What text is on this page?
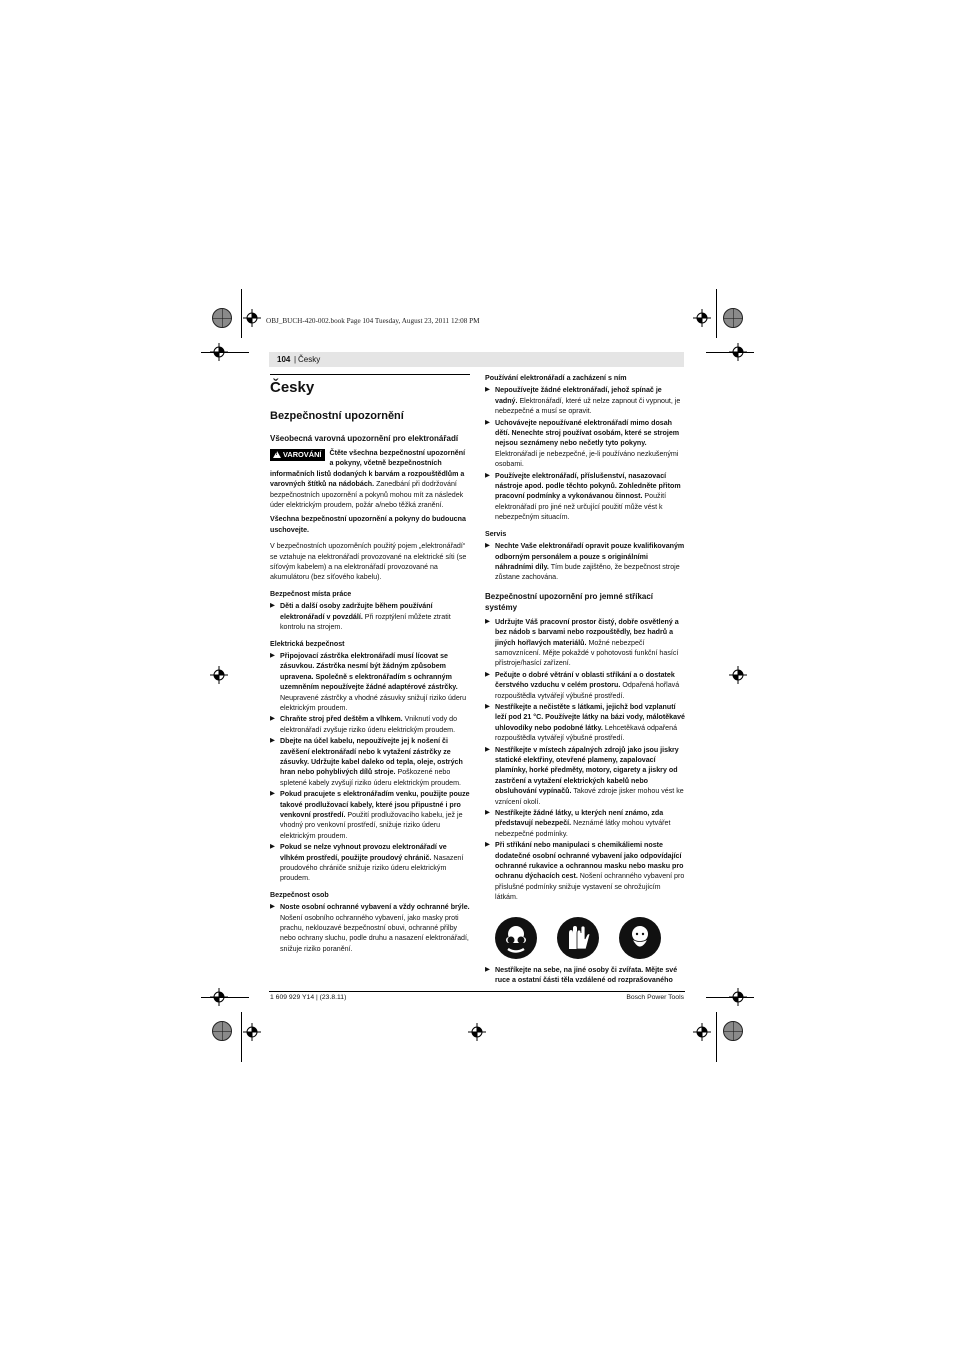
OBJ_BUCH-420-002.book Page 104 Tuesday, August 23, 2011 12:08 PM
104 | Česky
Česky
Bezpečnostní upozornění
Všeobecná varovná upozornění pro elektronářadí
!VAROVÁNÍ	Čtěte všechna bezpečnostní upozornění a pokyny, včetně bezpečnostních informačních listů dodaných k barvám a rozpouštědlům a varovných štítků na nádobách. Zanedbání při dodržování bezpečnostních upozornění a pokynů mohou mít za následek úder elektrickým proudem, požár a/nebo těžká zranění.

Všechna bezpečnostní upozornění a pokyny do budoucna uschovejte.

V bezpečnostních upozorněních použitý pojem „elektronářadí“ se vztahuje na elektronářadí provozované na elektrické síti (se síťovým kabelem) a na elektronářadí provozované na akumulátoru (bez síťového kabelu).

Bezpečnost místa práce
▶ Děti a další osoby zadržujte během používání elektronářadí v povzdálí. Při rozptýlení můžete ztratit kontrolu na strojem.
Elektrická bezpečnost
▶ Připojovací zástrčka elektronářadí musí lícovat se zásuvkou. Zástrčka nesmí být žádným způsobem upravena. Společně s elektronářadím s ochranným uzemněním nepoužívejte žádné adaptérové zástrčky. Neupravené zástrčky a vhodné zásuvky snižují riziko úderu elektrickým proudem.
▶ Chraňte stroj před deštěm a vlhkem. Vniknutí vody do elektronářadí zvyšuje riziko úderu elektrickým proudem.
▶ Dbejte na účel kabelu, nepoužívejte jej k nošení či zavěšení elektronářadí nebo k vytažení zástrčky ze zásuvky. Udržujte kabel daleko od tepla, oleje, ostrých hran nebo pohyblivých dílů stroje. Poškozené nebo spletené kabely zvyšují riziko úderu elektrickým proudem.
▶ Pokud pracujete s elektronářadím venku, použijte pouze takové prodlužovací kabely, které jsou připustné i pro venkovní prostředí. Použití prodlužovacího kabelu, jež je vhodný pro venkovní prostředí, snižuje riziko úderu elektrickým proudem.
▶ Pokud se nelze vyhnout provozu elektronářadí ve vlhkém prostředí, použijte proudový chránič. Nasazení proudového chrániče snižuje riziko úderu elektrickým proudem.
Bezpečnost osob
▶ Noste osobní ochranné vybavení a vždy ochranné brýle. Nošení osobního ochranného vybavení, jako masky proti prachu, neklouzavé bezpečnostní obuvi, ochranné přilby nebo ochrany sluchu, podle druhu a nasazení elektronářadí, snižuje riziko poranění.
Používání elektronářadí a zacházení s ním
▶ Nepoužívejte žádné elektronářadí, jehož spínač je vadný. Elektronářadí, které už nelze zapnout či vypnout, je nebezpečné a musí se opravit.
▶ Uchovávejte nepoužívané elektronářadí mimo dosah dětí. Nenechte stroj používat osobám, které se strojem nejsou seznámeny nebo nečetly tyto pokyny. Elektronářadí je nebezpečné, je-li používáno nezkušenými osobami.
▶ Používejte elektronářadí, příslušenství, nasazovací nástroje apod. podle těchto pokynů. Zohledněte přitom pracovní podmínky a vykonávanou činnost. Použití elektronářadí pro jiné než určující použití může vést k nebezpečným situacím.
Servis
▶ Nechte Vaše elektronářadí opravit pouze kvalifikovaným odborným personálem a pouze s originálními náhradními díly. Tím bude zajištěno, že bezpečnost stroje zůstane zachována.
Bezpečnostní upozornění pro jemné stříkací systémy
▶ Udržujte Váš pracovní prostor čistý, dobře osvětlený a bez nádob s barvami nebo rozpouštědly, bez hadrů a jiných hořlavých materiálů. Možné nebezpečí samovznícení. Mějte pokaždé v pohotovosti funkční hasící přístroje/hasící zařízení.
▶ Pečujte o dobré větrání v oblasti stříkání a o dostatek čerstvého vzduchu v celém prostoru. Odpařená hořlavá rozpouštědla vytvářejí výbušné prostředí.
▶ Nestříkejte a nečistěte s látkami, jejichž bod vzplanutí leží pod 21 °C. Používejte látky na bázi vody, málotěkavé uhlovodíky nebo podobné látky. Lehcetěkavá odpařená rozpouštědla vytvářejí výbušné prostředí.
▶ Nestříkejte v místech zápalných zdrojů jako jsou jiskry statické elektřiny, otevřené plameny, zapalovací plamínky, horké předměty, motory, cigarety a jiskry od zastrčení a vytažení elektrických kabelů nebo obsluhování vypínačů. Takové zdroje jisker mohou vést ke vznícení okolí.
▶ Nestříkejte žádné látky, u kterých není známo, zda představují nebezpečí. Neznámé látky mohou vytvářet nebezpečné podmínky.
▶ Při stříkání nebo manipulaci s chemikáliemi noste dodatečné osobní ochranné vybavení jako odpovídající ochranné rukavice a ochrannou masku nebo masku pro ochranu dýchacích cest. Nošení ochranného vybavení pro příslušné podmínky snižuje vystavení se ohrožujícím látkám.
▶ Nestříkejte na sebe, na jiné osoby či zvířata. Mějte své ruce a ostatní části těla vzdálené od rozprašovaného
1 609 929 Y14 | (23.8.11)	Bosch Power Tools
